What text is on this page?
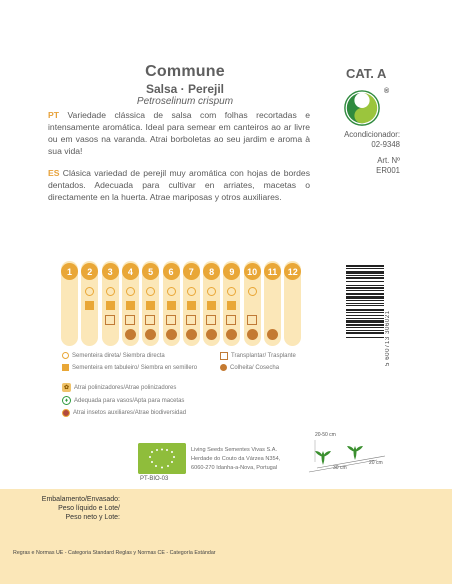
Commune
Salsa · Perejil
Petroselinum crispum
PT Variedade clássica de salsa com folhas recortadas e intensamente aromática. Ideal para semear em canteiros ao ar livre ou em vasos na varanda. Atrai borboletas ao seu jardim e aroma à sua vida!
ES Clásica variedad de perejil muy aromática con hojas de bordes dentados. Adecuada para cultivar en arriates, macetas o directamente en la huerta. Atrae mariposas y otros auxiliares.
CAT. A
®
Acondicionador:
02-9348
Art. Nº
ER001
1	2	3	4	5	6	7	8	9	10	11	12
Sementeira direta/ Siembra directa
Sementeira em tabuleiro/ Siembra en semillero
Transplantar/ Trasplante
Colheita/ Cosecha
✿ Atrai polinizadores/Atrae polinizadores
♦ Adequada para vasos/Apta para macetas
Atrai insetos auxiliares/Atrae biodiversidad
5 600713 306021
PT-BIO-03
Living Seeds Sementes Vivas S.A.
Herdade do Couto da Várzea N354,
6060-270 Idanha-a-Nova, Portugal
20-50 cm
30 cm
20 cm
Embalamento/Envasado:
Peso líquido e Lote/
Peso neto y Lote:
Regras e Normas UE - Categoria Standard Reglas y Normas CE - Categoría Estándar
